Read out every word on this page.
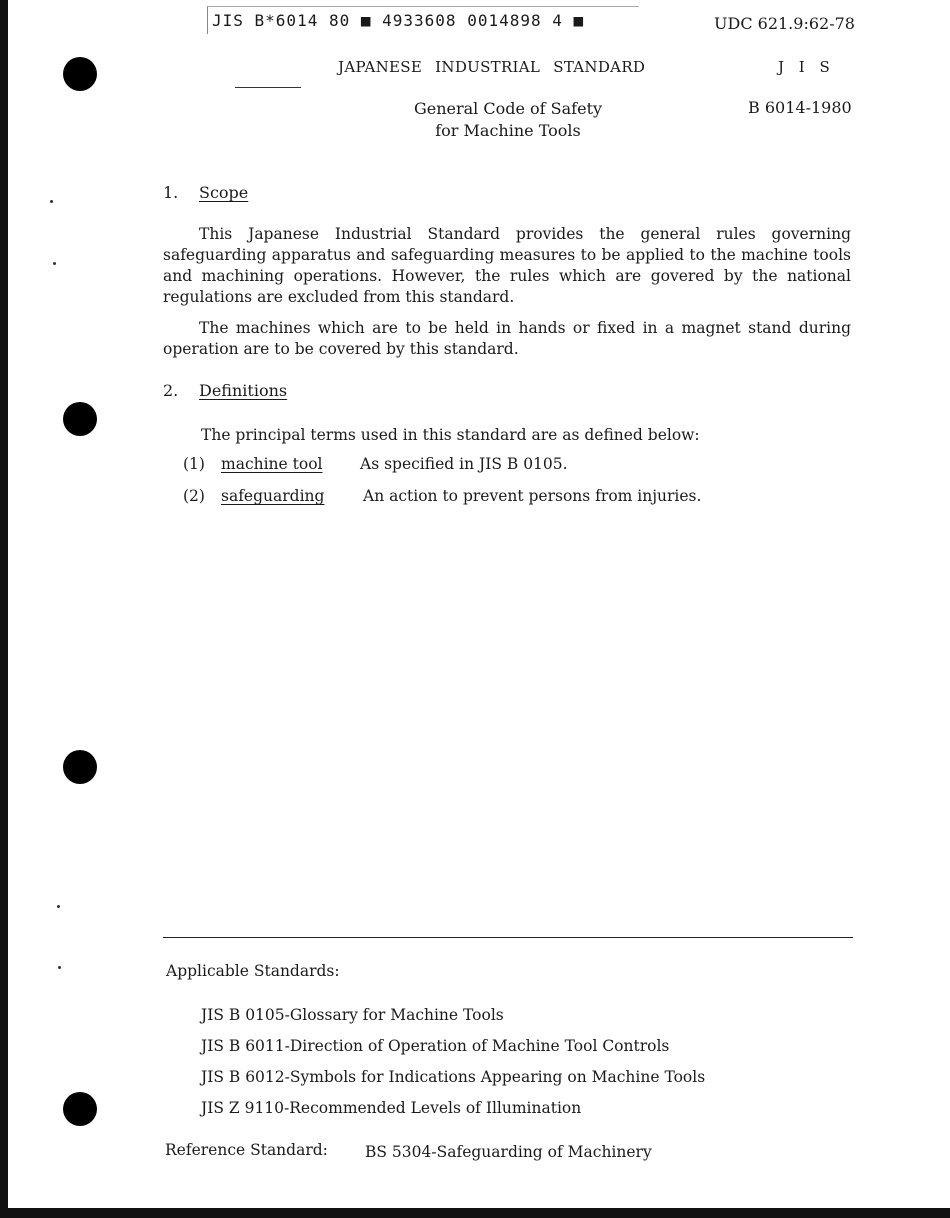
JIS B*6014 80 ■ 4933608 0014898 4 ■	UDC 621.9:62-78
JAPANESE INDUSTRIAL STANDARD	J I S
General Code of Safety
for Machine Tools
B 6014-1980
1. Scope
This Japanese Industrial Standard provides the general rules governing safeguarding apparatus and safeguarding measures to be applied to the machine tools and machining operations. However, the rules which are govered by the national regulations are excluded from this standard.
The machines which are to be held in hands or fixed in a magnet stand during operation are to be covered by this standard.
2. Definitions
The principal terms used in this standard are as defined below:
(1) machine tool As specified in JIS B 0105.
(2) safeguarding An action to prevent persons from injuries.
Applicable Standards:
JIS B 0105-Glossary for Machine Tools
JIS B 6011-Direction of Operation of Machine Tool Controls
JIS B 6012-Symbols for Indications Appearing on Machine Tools
JIS Z 9110-Recommended Levels of Illumination
Reference Standard: BS 5304-Safeguarding of Machinery
